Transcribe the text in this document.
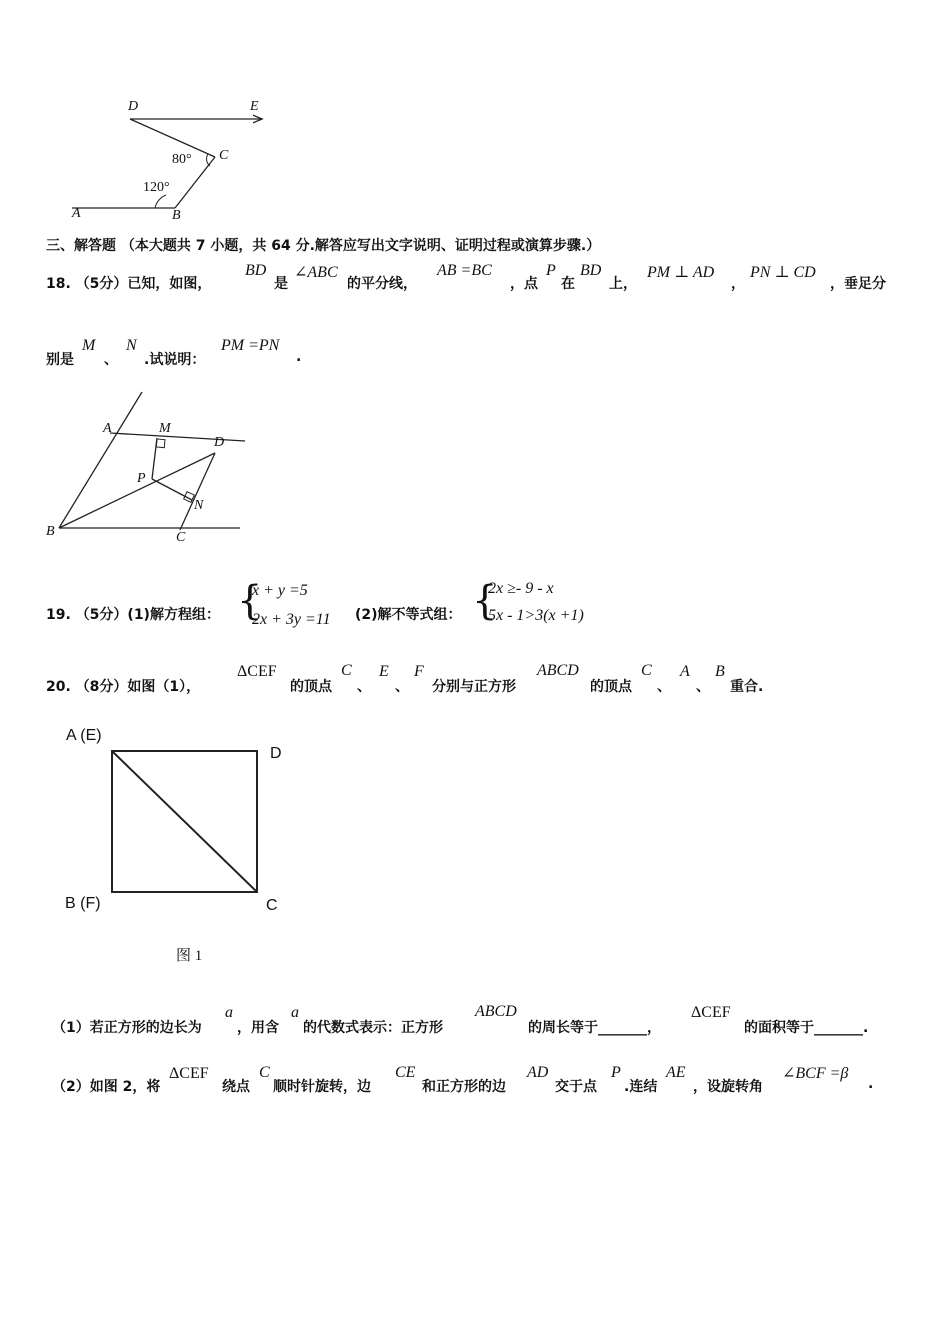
D	E
C
A	B
80°
120°
三、解答题 （本大题共 7 小题，共 64 分.解答应写出文字说明、证明过程或演算步骤.）
18. （5分）已知，如图，
BD
是
∠ABC
的平分线，
AB =BC
，点
P
在
BD
上，
PM ⊥ AD
，
PN ⊥ CD
，垂足分
别是
M
、
N
.试说明：
PM =PN
.
A	M
D
P
N
B	C
19. （5分）(1)解方程组： {
x + y =5
2x + 3y =11 (2)解不等式组： {
2x ≥- 9 - x
5x - 1>3(x +1)
20. （8分）如图（1），
ΔCEF
的顶点
C
、
E
、
F
分别与正方形
ABCD
的顶点
C
、
A
、
B
重合.
A (E)
D
B (F)	C
图 1
（1）若正方形的边长为
a
，用含
a
的代数式表示：正方形
ABCD
的周长等于_______，
ΔCEF
的面积等于_______.
（2）如图 2，将
ΔCEF
绕点
C
顺时针旋转，边
CE
和正方形的边
AD
交于点
P
.连结
AE
，设旋转角
∠BCF =β
.
